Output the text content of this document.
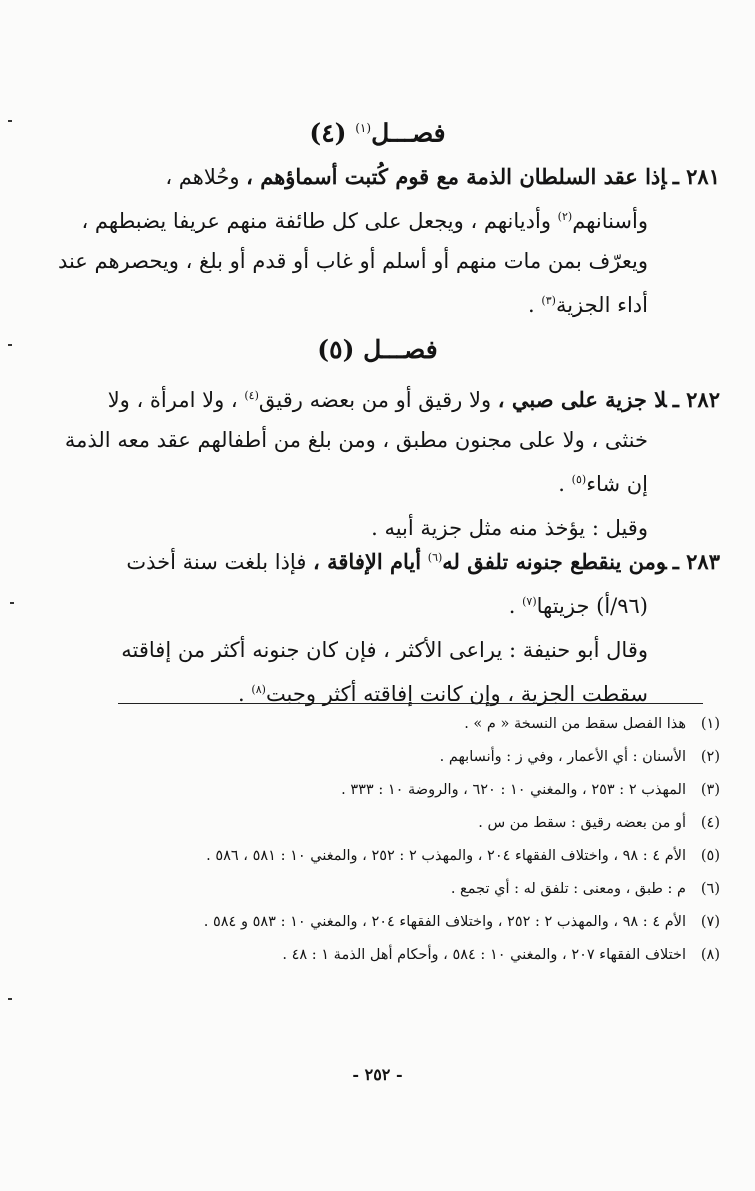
فصـــل$^{(١)}$ (٤)
٢٨١ ـإذا عقد السلطان الذمة مع قوم كُتبت أسماؤهم ، وحُلاهم ،
وأسنانهم$^{(٢)}$ وأديانهم ، ويجعل على كل طائفة منهم عريفا يضبطهم ،
ويعرّف بمن مات منهم أو أسلم أو غاب أو قدم أو بلغ ، ويحصرهم عند
أداء الجزية$^{(٣)}$ .
فصـــل (٥)
٢٨٢ ـلا جزية على صبي ، ولا رقيق أو من بعضه رقيق$^{(٤)}$ ، ولا امرأة ، ولا
خنثى ، ولا على مجنون مطبق ، ومن بلغ من أطفالهم عقد معه الذمة
إن شاء$^{(٥)}$ .
وقيل : يؤخذ منه مثل جزية أبيه .
٢٨٣ ـومن ينقطع جنونه تلفق له$^{(٦)}$ أيام الإفاقة ، فإذا بلغت سنة أخذت
(٩٦/أ) جزيتها$^{(٧)}$ .
وقال أبو حنيفة : يراعى الأكثر ، فإن كان جنونه أكثر من إفاقته
سقطت الجزية ، وإن كانت إفاقته أكثر وجبت$^{(٨)}$ .
(١)
هذا الفصل سقط من النسخة « م » .
(٢)
الأسنان : أي الأعمار ، وفي ز : وأنسابهم .
(٣)
المهذب ٢ : ٢٥٣ ، والمغني ١٠ : ٦٢٠ ، والروضة ١٠ : ٣٣٣ .
(٤)
أو من بعضه رقيق : سقط من س .
(٥)
الأم ٤ : ٩٨ ، واختلاف الفقهاء ٢٠٤ ، والمهذب ٢ : ٢٥٢ ، والمغني ١٠ : ٥٨١ ، ٥٨٦ .
(٦)
م : طبق ، ومعنى : تلفق له : أي تجمع .
(٧)
الأم ٤ : ٩٨ ، والمهذب ٢ : ٢٥٢ ، واختلاف الفقهاء ٢٠٤ ، والمغني ١٠ : ٥٨٣ و ٥٨٤ .
(٨)
اختلاف الفقهاء ٢٠٧ ، والمغني ١٠ : ٥٨٤ ، وأحكام أهل الذمة ١ : ٤٨ .
- ٢٥٢ -
